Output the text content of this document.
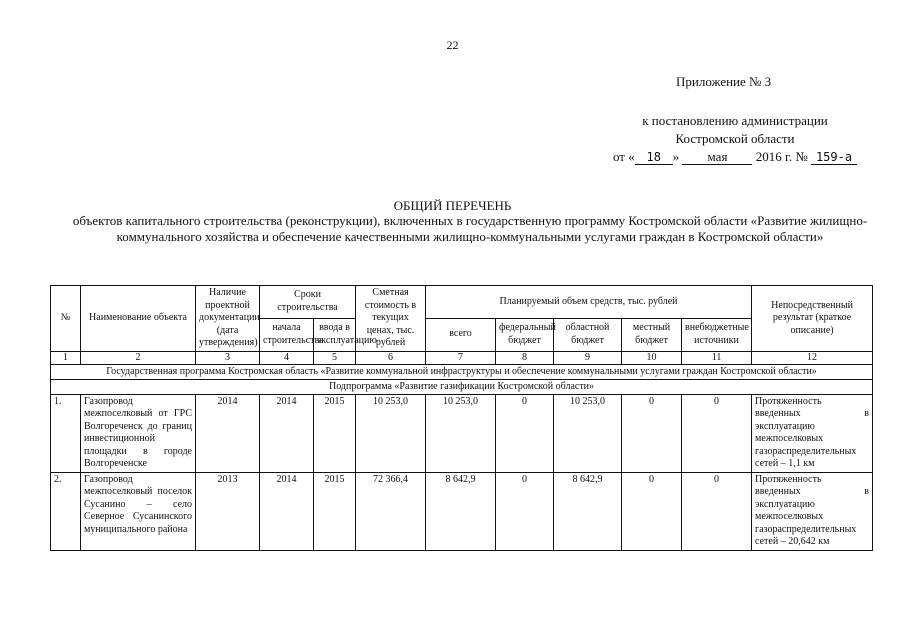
22
Приложение № 3
к постановлению администрации
Костромской области
от « 18 » мая 2016 г. № 159-а
ОБЩИЙ ПЕРЕЧЕНЬ
объектов капитального строительства (реконструкции), включенных в государственную программу Костромской области «Развитие жилищно-коммунального хозяйства и обеспечение качественными жилищно-коммунальными услугами граждан в Костромской области»
№	Наименование объекта	Наличие проектной документации (дата утверждения)	Сроки строительства		Сметная стоимость в текущих ценах, тыс. рублей	Планируемый объем средств, тыс. рублей					Непосредственный результат (краткое описание)
			начала строительства	ввода в эксплуатацию		всего	федеральный бюджет	областной бюджет	местный бюджет	внебюджетные источники	
1	2	3	4	5	6	7	8	9	10	11	12
Государственная программа Костромская область «Развитие коммунальной инфраструктуры и обеспечение коммунальными услугами граждан Костромской области»											
Подпрограмма «Развитие газификации Костромской области»											
1.	Газопровод межпоселковый от ГРС Волгореченск до границ инвестиционной площадки в городе Волгореченске	2014	2014	2015	10 253,0	10 253,0	0	10 253,0	0	0	Протяженность введенных в эксплуатацию межпоселковых газораспределительных сетей – 1,1 км
2.	Газопровод межпоселковый поселок Сусанино – село Северное Сусанинского муниципального района	2013	2014	2015	72 366,4	8 642,9	0	8 642,9	0	0	Протяженность введенных в эксплуатацию межпоселковых газораспределительных сетей – 20,642 км
